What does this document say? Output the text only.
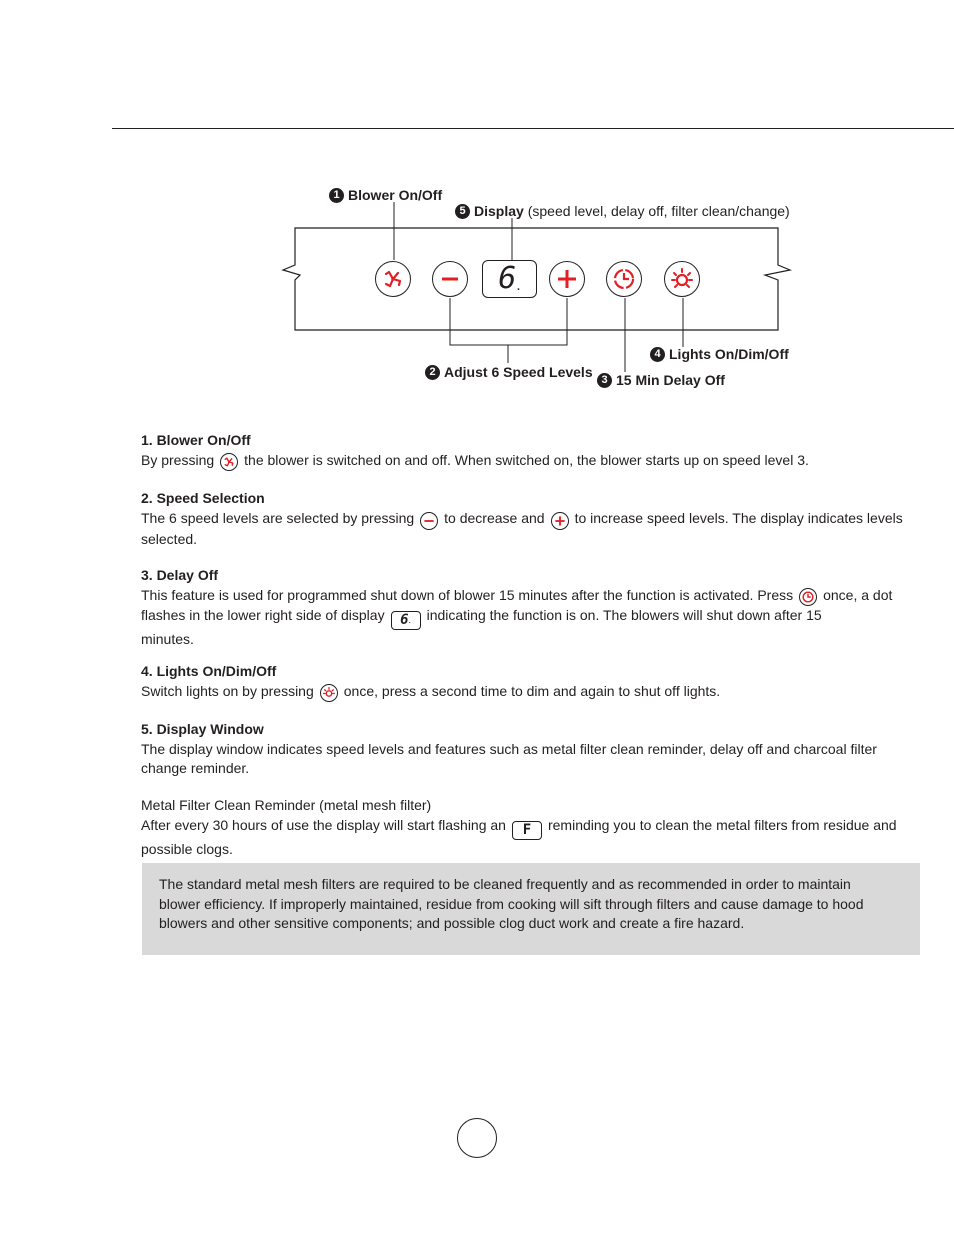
1 Blower On/Off
5 Display
(speed level, delay off, filter clean/change)
2 Adjust 6 Speed Levels 3 15 Min Delay Off
4 Lights On/Dim/Off
6 .
1. Blower On/Off

By pressing the blower is switched on and off. When switched on, the blower starts up on speed level 3.

2. Speed Selection

The 6 speed levels are selected by pressing to decrease and to increase speed levels. The display indicates levels selected.

3. Delay Off

This feature is used for programmed shut down of blower 15 minutes after the function is activated. Press once, a dot flashes in the lower right side of display 6 . indicating the function is on. The blowers will shut down after 15
minutes.

4. Lights On/Dim/Off

Switch lights on by pressing once, press a second time to dim and again to shut off lights.

5. Display Window

The display window indicates speed levels and features such as metal filter clean reminder, delay off and charcoal filter change reminder.

Metal Filter Clean Reminder (metal mesh filter)

After every 30 hours of use the display will start flashing an F reminding you to clean the metal filters from residue and possible clogs.

The standard metal mesh filters are required to be cleaned frequently and as recommended in order to maintain blower efficiency. If improperly maintained, residue from cooking will sift through filters and cause damage to hood blowers and other sensitive components; and possible clog duct work and create a fire hazard.
